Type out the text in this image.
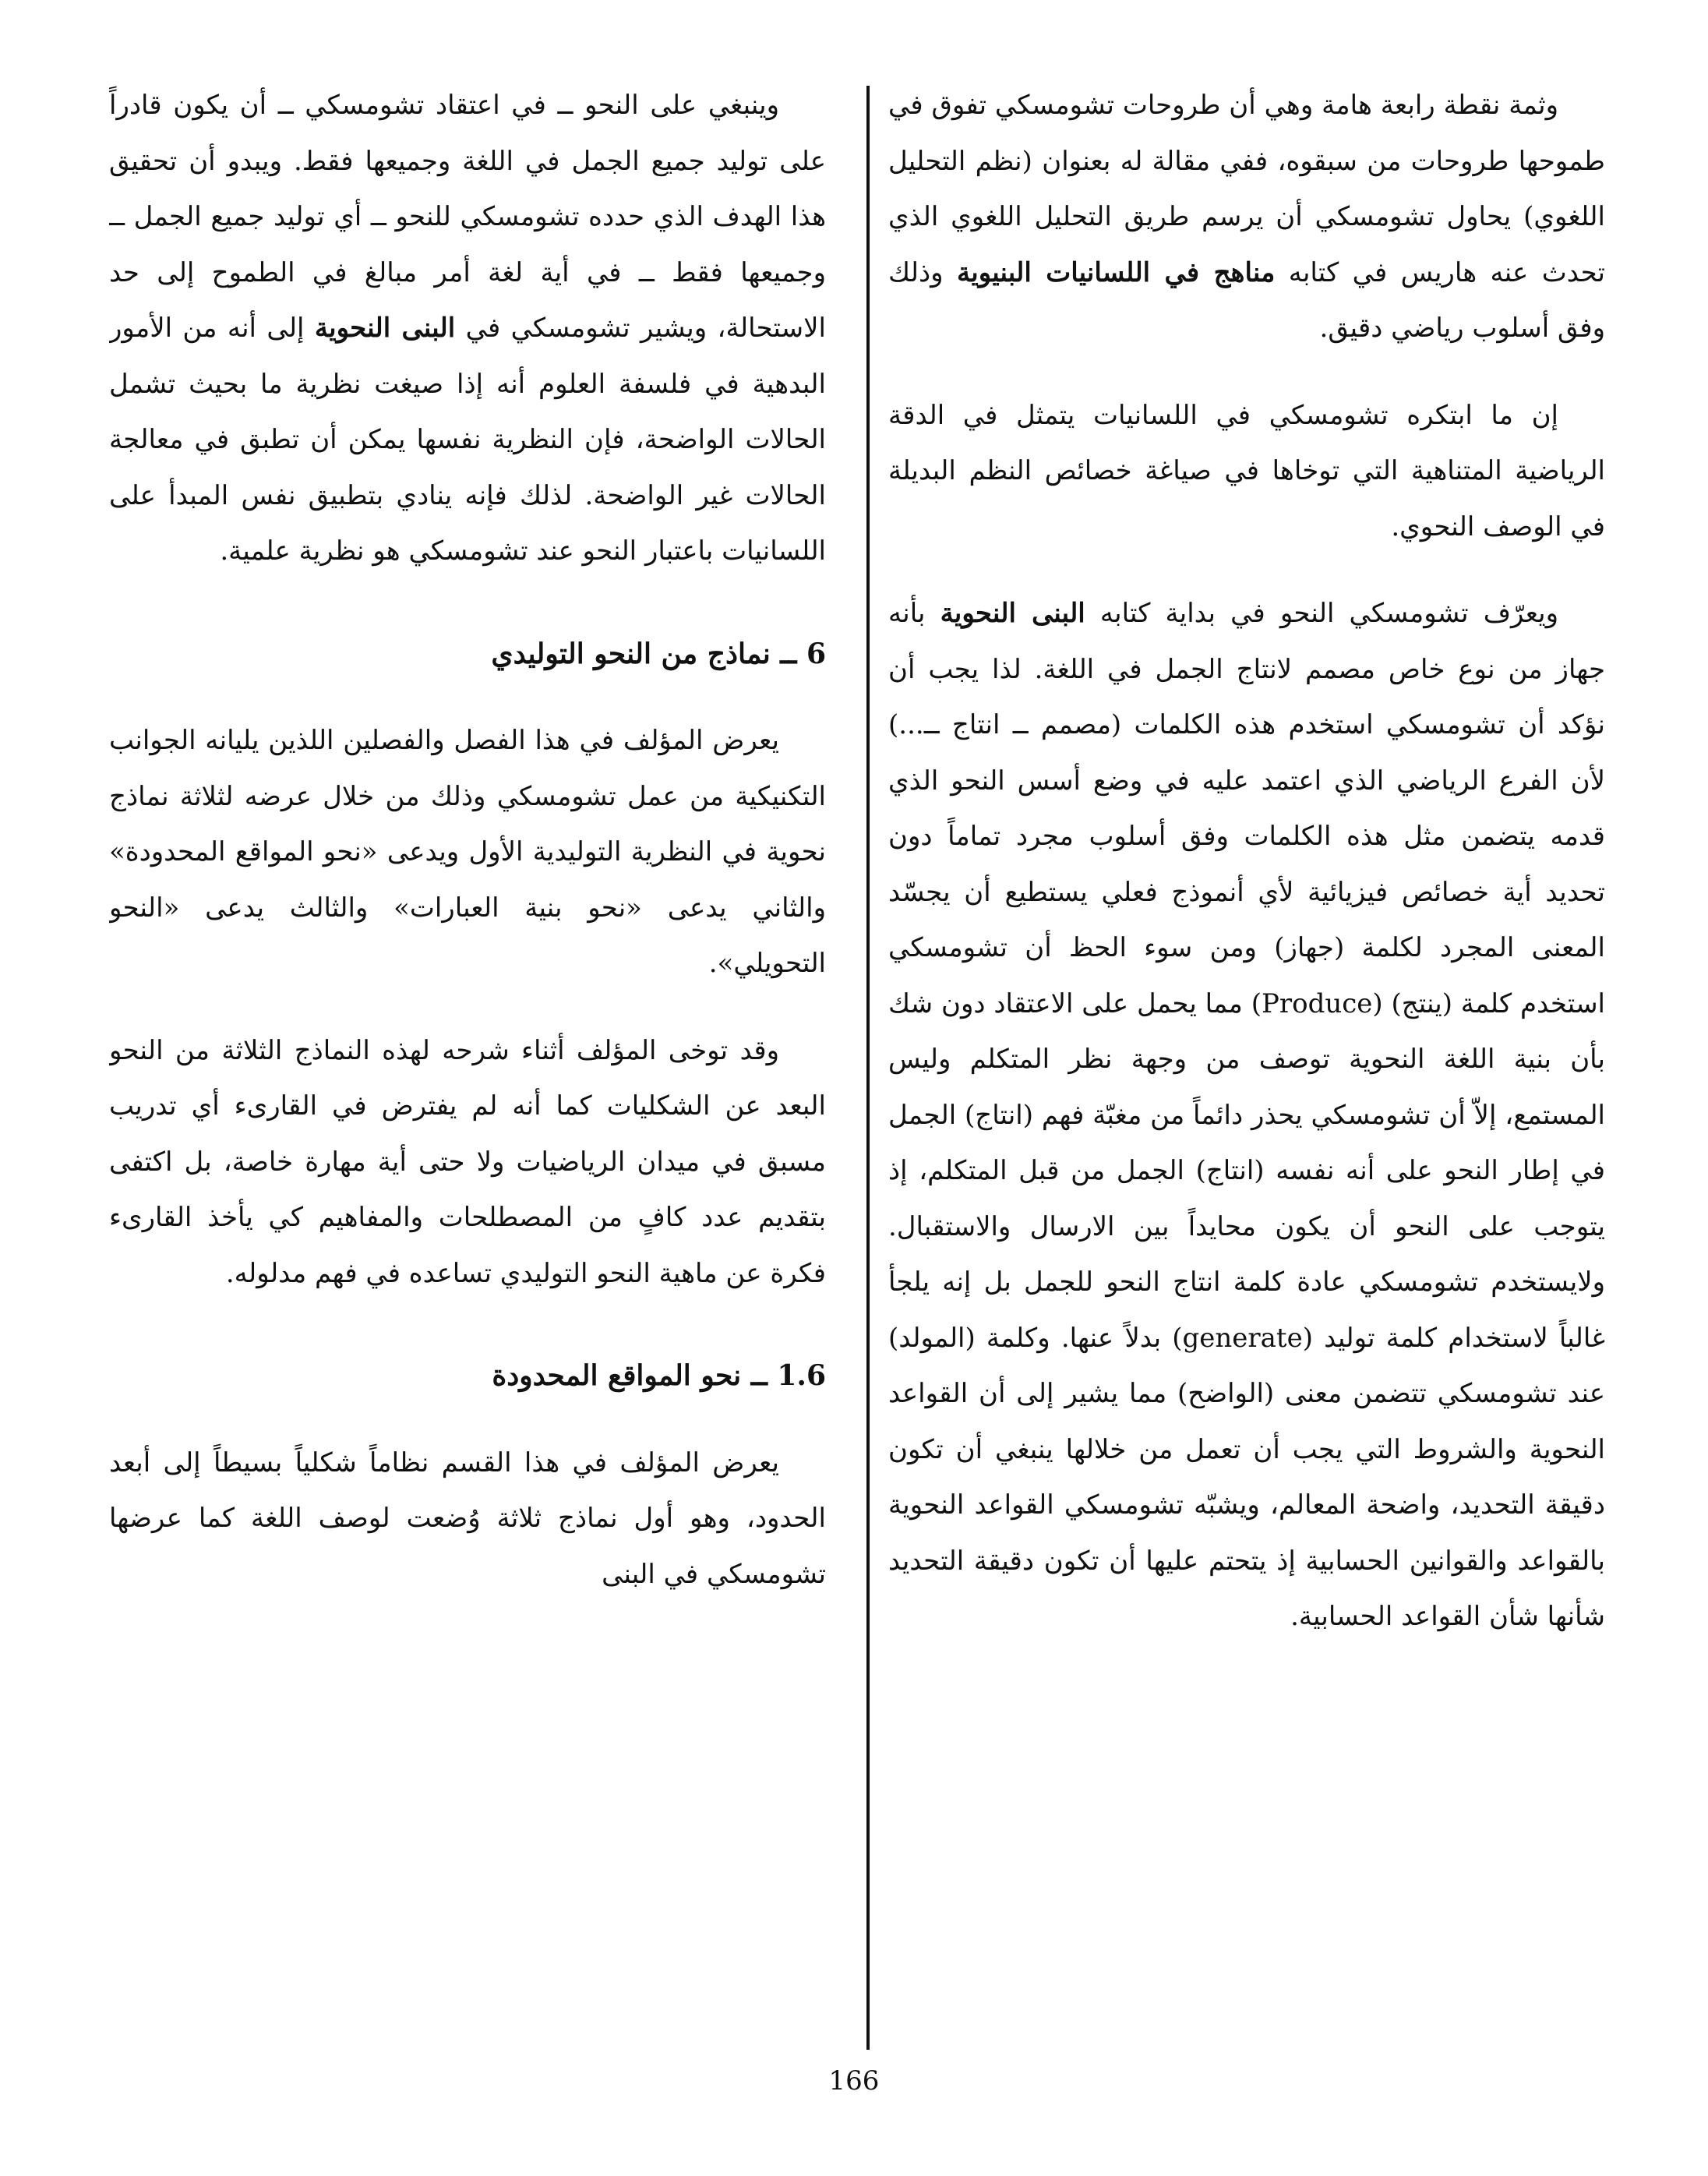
وثمة نقطة رابعة هامة وهي أن طروحات تشومسكي تفوق في طموحها طروحات من سبقوه، ففي مقالة له بعنوان (نظم التحليل اللغوي) يحاول تشومسكي أن يرسم طريق التحليل اللغوي الذي تحدث عنه هاريس في كتابه مناهج في اللسانيات البنيوية وذلك وفق أسلوب رياضي دقيق.

إن ما ابتكره تشومسكي في اللسانيات يتمثل في الدقة الرياضية المتناهية التي توخاها في صياغة خصائص النظم البديلة في الوصف النحوي.

ويعرّف تشومسكي النحو في بداية كتابه البنى النحوية بأنه جهاز من نوع خاص مصمم لانتاج الجمل في اللغة. لذا يجب أن نؤكد أن تشومسكي استخدم هذه الكلمات (مصمم ــ انتاج ــ...) لأن الفرع الرياضي الذي اعتمد عليه في وضع أسس النحو الذي قدمه يتضمن مثل هذه الكلمات وفق أسلوب مجرد تماماً دون تحديد أية خصائص فيزيائية لأي أنموذج فعلي يستطيع أن يجسّد المعنى المجرد لكلمة (جهاز) ومن سوء الحظ أن تشومسكي استخدم كلمة (ينتج) (Produce) مما يحمل على الاعتقاد دون شك بأن بنية اللغة النحوية توصف من وجهة نظر المتكلم وليس المستمع، إلاّ أن تشومسكي يحذر دائماً من مغبّة فهم (انتاج) الجمل في إطار النحو على أنه نفسه (انتاج) الجمل من قبل المتكلم، إذ يتوجب على النحو أن يكون محايداً بين الارسال والاستقبال. ولايستخدم تشومسكي عادة كلمة انتاج النحو للجمل بل إنه يلجأ غالباً لاستخدام كلمة توليد (generate) بدلاً عنها. وكلمة (المولد) عند تشومسكي تتضمن معنى (الواضح) مما يشير إلى أن القواعد النحوية والشروط التي يجب أن تعمل من خلالها ينبغي أن تكون دقيقة التحديد، واضحة المعالم، ويشبّه تشومسكي القواعد النحوية بالقواعد والقوانين الحسابية إذ يتحتم عليها أن تكون دقيقة التحديد شأنها شأن القواعد الحسابية.

وينبغي على النحو ــ في اعتقاد تشومسكي ــ أن يكون قادراً على توليد جميع الجمل في اللغة وجميعها فقط. ويبدو أن تحقيق هذا الهدف الذي حدده تشومسكي للنحو ــ أي توليد جميع الجمل ــ وجميعها فقط ــ في أية لغة أمر مبالغ في الطموح إلى حد الاستحالة، ويشير تشومسكي في البنى النحوية إلى أنه من الأمور البدهية في فلسفة العلوم أنه إذا صيغت نظرية ما بحيث تشمل الحالات الواضحة، فإن النظرية نفسها يمكن أن تطبق في معالجة الحالات غير الواضحة. لذلك فإنه ينادي بتطبيق نفس المبدأ على اللسانيات باعتبار النحو عند تشومسكي هو نظرية علمية.

6 ــ نماذج من النحو التوليدي

يعرض المؤلف في هذا الفصل والفصلين اللذين يليانه الجوانب التكنيكية من عمل تشومسكي وذلك من خلال عرضه لثلاثة نماذج نحوية في النظرية التوليدية الأول ويدعى «نحو المواقع المحدودة» والثاني يدعى «نحو بنية العبارات» والثالث يدعى «النحو التحويلي».

وقد توخى المؤلف أثناء شرحه لهذه النماذج الثلاثة من النحو البعد عن الشكليات كما أنه لم يفترض في القارىء أي تدريب مسبق في ميدان الرياضيات ولا حتى أية مهارة خاصة، بل اكتفى بتقديم عدد كافٍ من المصطلحات والمفاهيم كي يأخذ القارىء فكرة عن ماهية النحو التوليدي تساعده في فهم مدلوله.

1.6 ــ نحو المواقع المحدودة

يعرض المؤلف في هذا القسم نظاماً شكلياً بسيطاً إلى أبعد الحدود، وهو أول نماذج ثلاثة وُضعت لوصف اللغة كما عرضها تشومسكي في البنى

166
